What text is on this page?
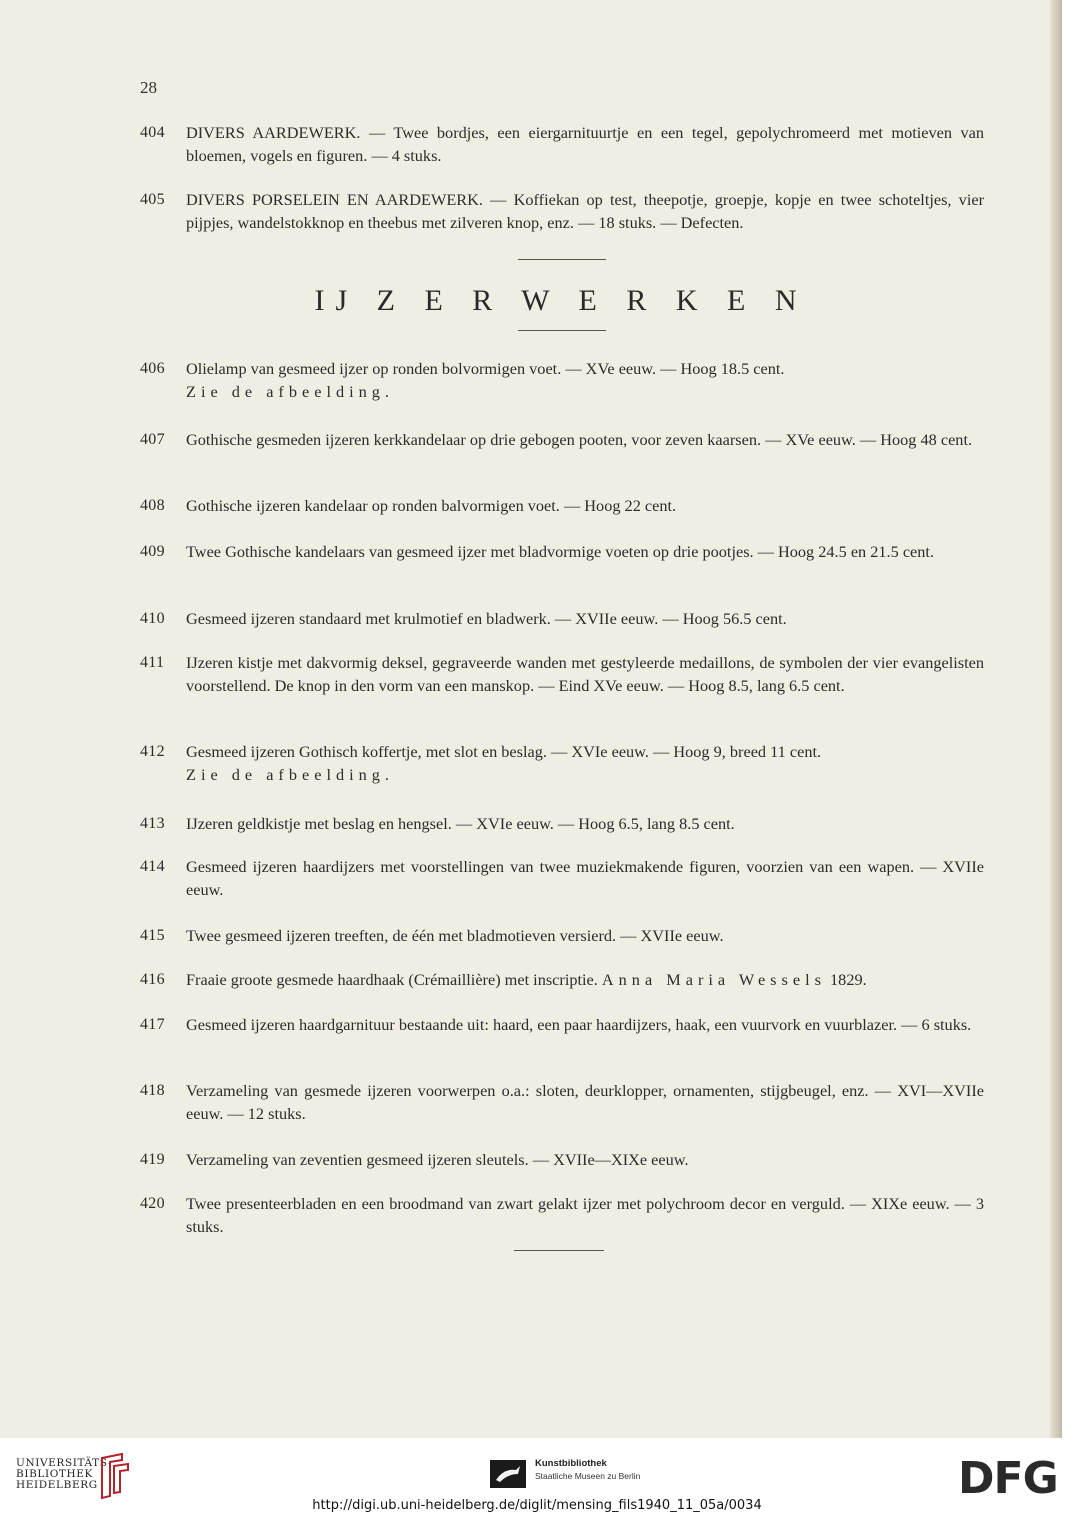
28
404 DIVERS AARDEWERK. — Twee bordjes, een eiergarnituurtje en een tegel, gepolychromeerd met motieven van bloemen, vogels en figuren. — 4 stuks.
405 DIVERS PORSELEIN EN AARDEWERK. — Koffiekan op test, theepotje, groepje, kopje en twee schoteltjes, vier pijpjes, wandelstokknop en theebus met zilveren knop, enz. — 18 stuks. — Defecten.
IJ Z E R W E R K E N
406 Olielamp van gesmeed ijzer op ronden bolvormigen voet. — XVe eeuw. — Hoog 18.5 cent.

Zie de afbeelding.

407 Gothische gesmeden ijzeren kerkkandelaar op drie gebogen pooten, voor zeven kaarsen. — XVe eeuw. — Hoog 48 cent.
408 Gothische ijzeren kandelaar op ronden balvormigen voet. — Hoog 22 cent.
409 Twee Gothische kandelaars van gesmeed ijzer met bladvormige voeten op drie pootjes. — Hoog 24.5 en 21.5 cent.
410 Gesmeed ijzeren standaard met krulmotief en bladwerk. — XVIIe eeuw. — Hoog 56.5 cent.
411 IJzeren kistje met dakvormig deksel, gegraveerde wanden met gestyleerde medaillons, de symbolen der vier evangelisten voorstellend. De knop in den vorm van een manskop. — Eind XVe eeuw. — Hoog 8.5, lang 6.5 cent.
412 Gesmeed ijzeren Gothisch koffertje, met slot en beslag. — XVIe eeuw. — Hoog 9, breed 11 cent.

Zie de afbeelding.

413 IJzeren geldkistje met beslag en hengsel. — XVIe eeuw. — Hoog 6.5, lang 8.5 cent.
414 Gesmeed ijzeren haardijzers met voorstellingen van twee muziekmakende figuren, voorzien van een wapen. — XVIIe eeuw.
415 Twee gesmeed ijzeren treeften, de één met bladmotieven versierd. — XVIIe eeuw.
416 Fraaie groote gesmede haardhaak (Crémaillière) met inscriptie. Anna Maria Wessels 1829.
417 Gesmeed ijzeren haardgarnituur bestaande uit: haard, een paar haardijzers, haak, een vuurvork en vuurblazer. — 6 stuks.
418 Verzameling van gesmede ijzeren voorwerpen o.a.: sloten, deurklopper, ornamenten, stijgbeugel, enz. — XVI—XVIIe eeuw. — 12 stuks.
419 Verzameling van zeventien gesmeed ijzeren sleutels. — XVIIe—XIXe eeuw.
420 Twee presenteerbladen en een broodmand van zwart gelakt ijzer met polychroom decor en verguld. — XIXe eeuw. — 3 stuks.
UNIVERSITÄTS-
BIBLIOTHEK
HEIDELBERG
Kunstbibliothek
Staatliche Museen zu Berlin	DFG
http://digi.ub.uni-heidelberg.de/diglit/mensing_fils1940_11_05a/0034
